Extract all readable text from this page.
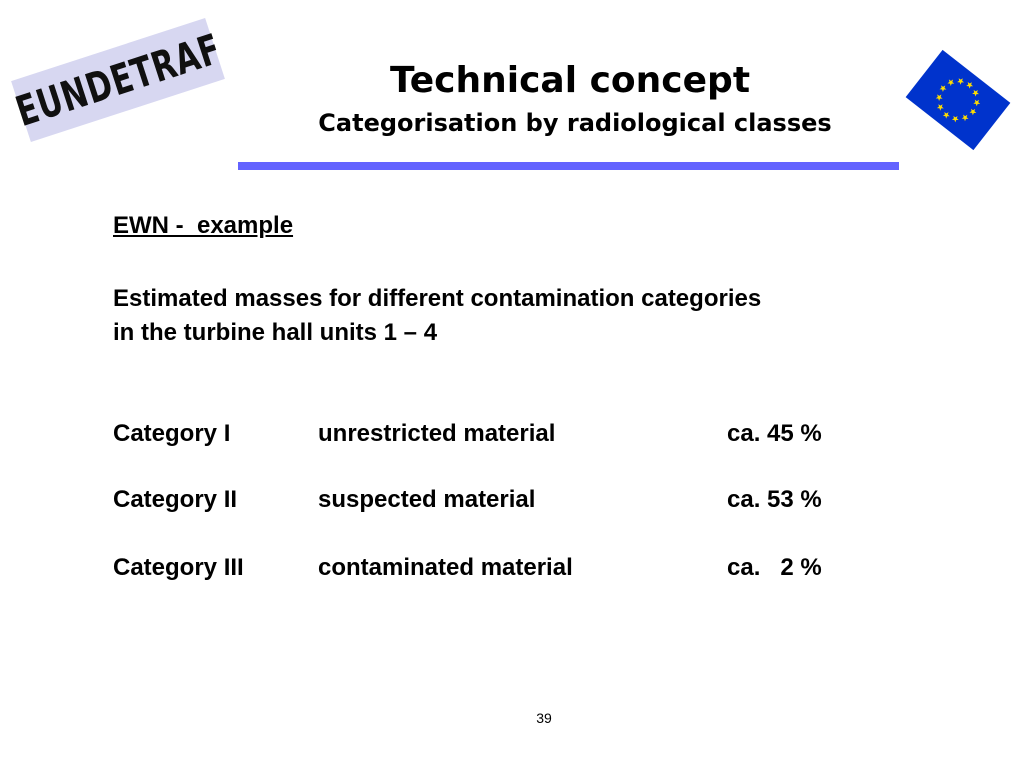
EUNDETRAF	Technical concept
Categorisation by radiological classes
EWN -  example
Estimated masses for different contamination categories
in the turbine hall units 1 – 4
Category I	unrestricted material	ca. 45 %
Category II	suspected material	ca. 53 %
Category III	contaminated material	ca.   2 %
39
